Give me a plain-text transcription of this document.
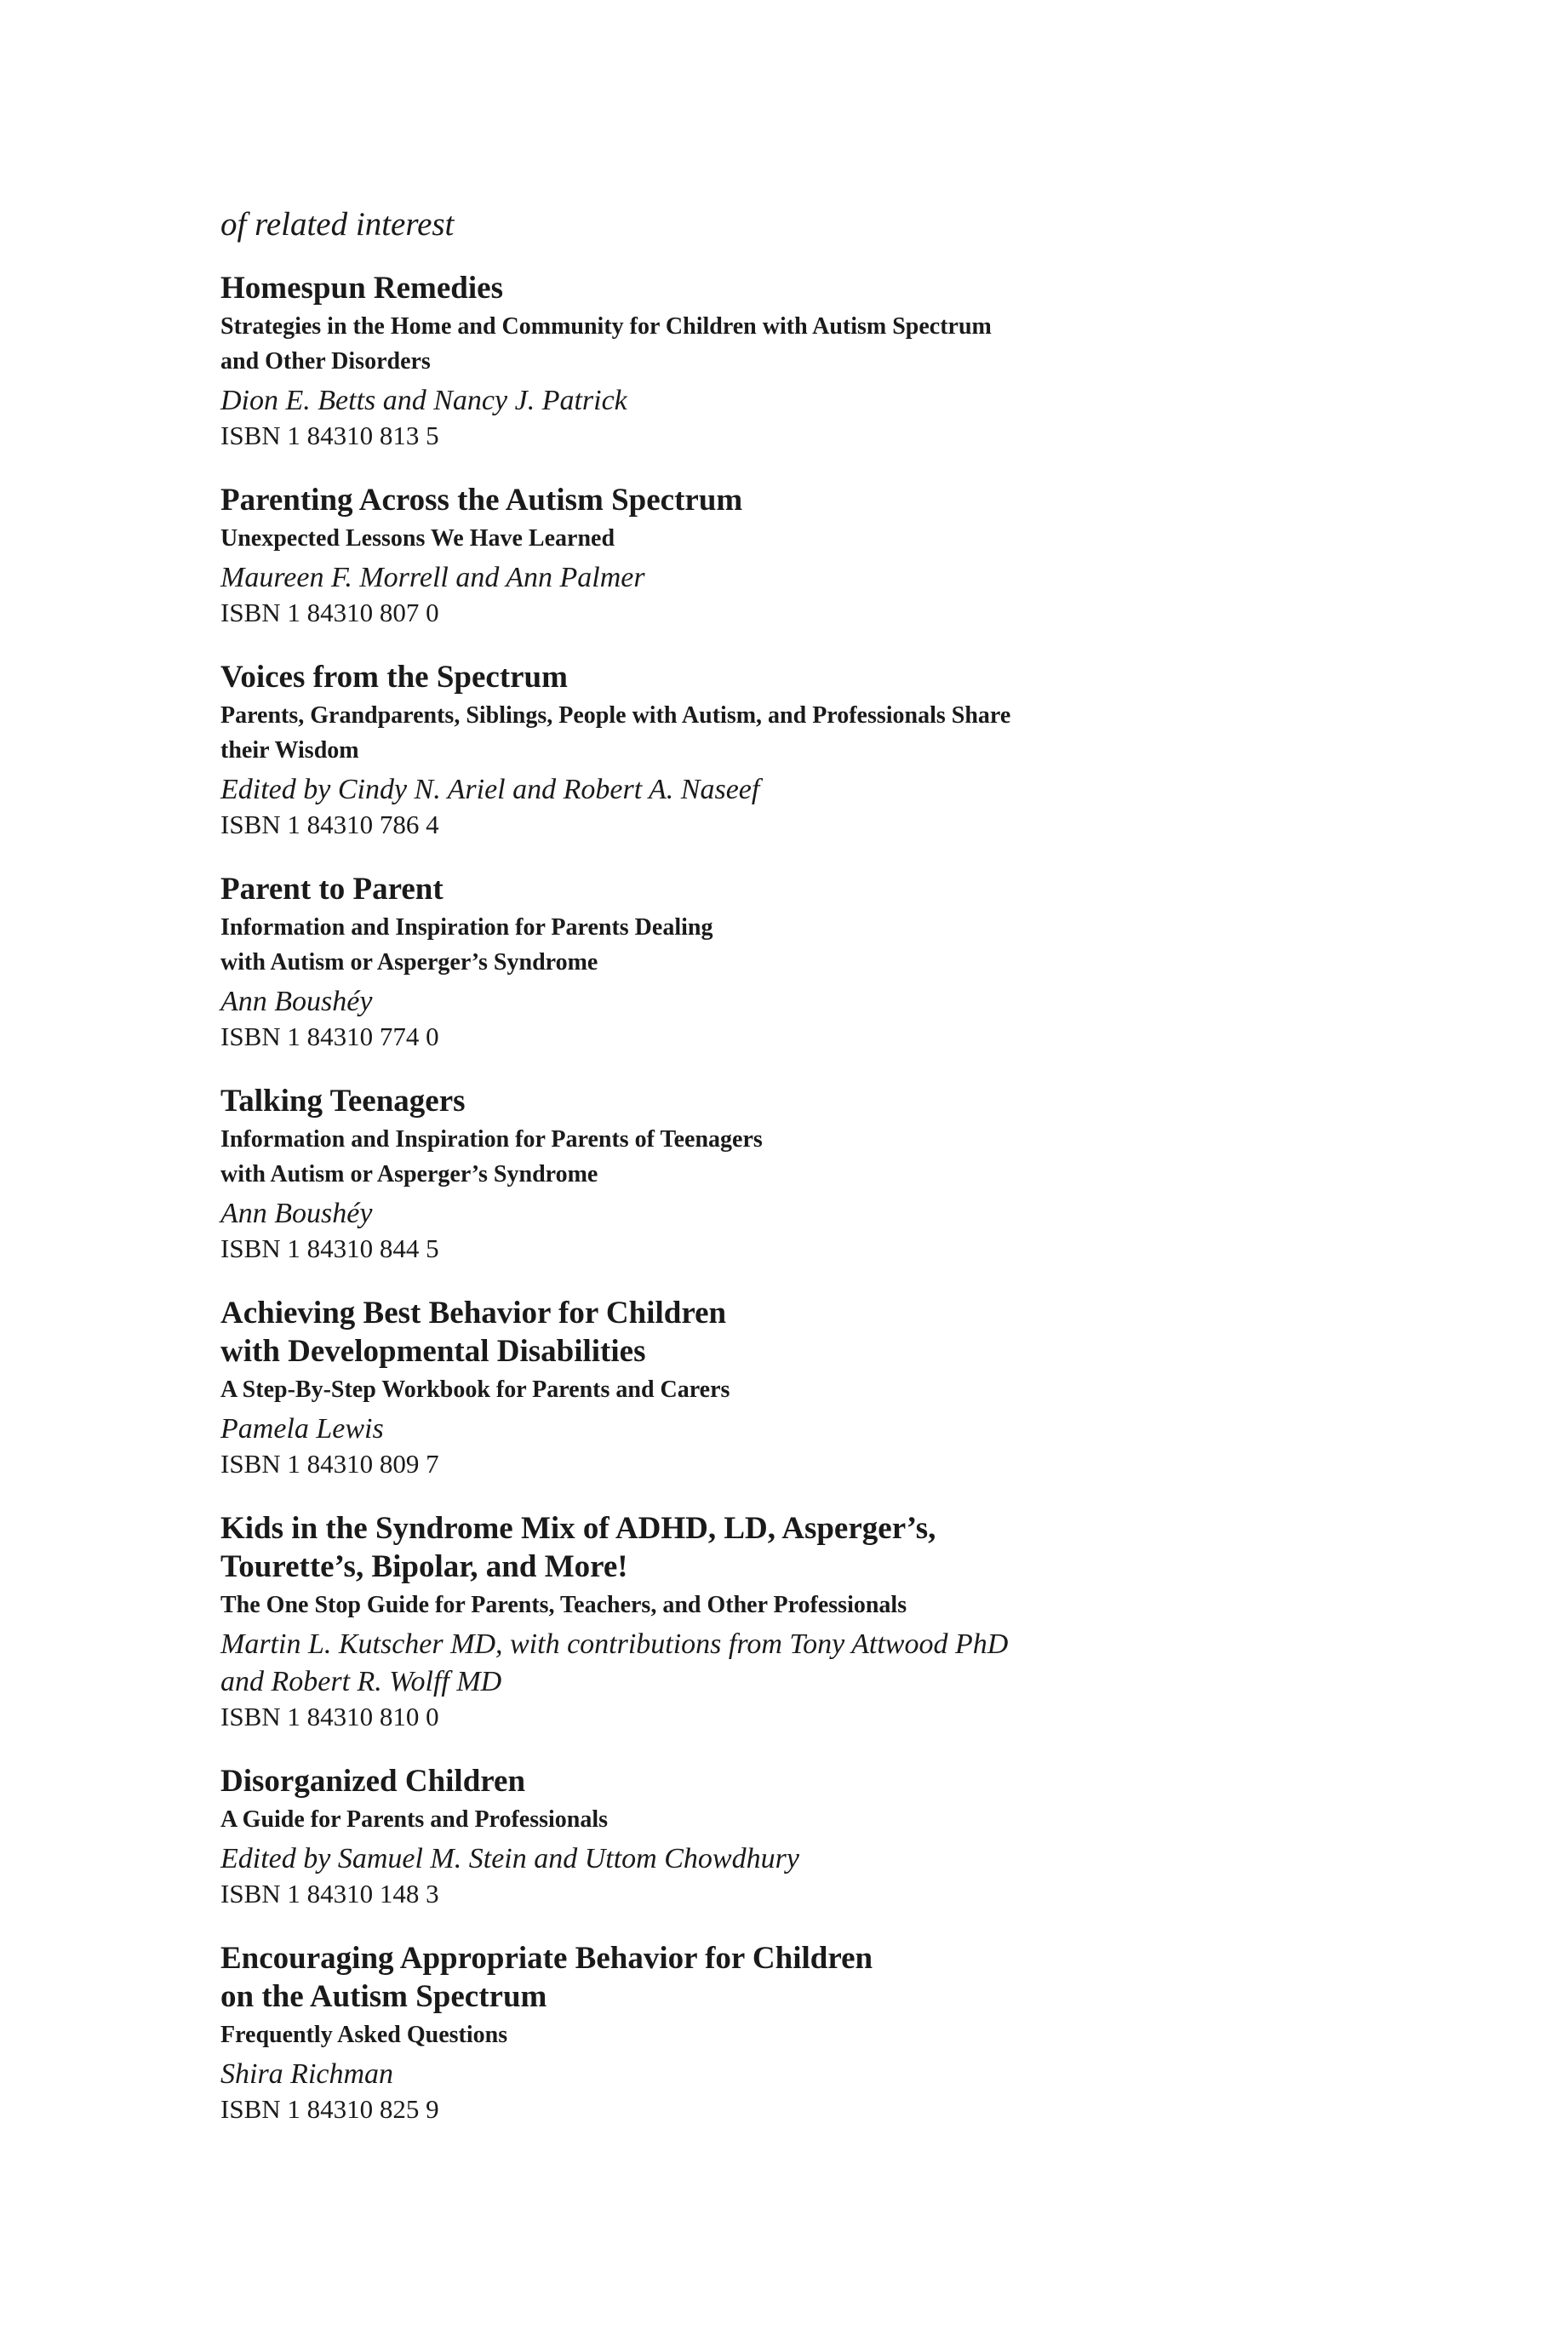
of related interest
Homespun Remedies
Strategies in the Home and Community for Children with Autism Spectrum
and Other Disorders
Dion E. Betts and Nancy J. Patrick
ISBN 1 84310 813 5
Parenting Across the Autism Spectrum
Unexpected Lessons We Have Learned
Maureen F. Morrell and Ann Palmer
ISBN 1 84310 807 0
Voices from the Spectrum
Parents, Grandparents, Siblings, People with Autism, and Professionals Share
their Wisdom
Edited by Cindy N. Ariel and Robert A. Naseef
ISBN 1 84310 786 4
Parent to Parent
Information and Inspiration for Parents Dealing
with Autism or Asperger’s Syndrome
Ann Boushéy
ISBN 1 84310 774 0
Talking Teenagers
Information and Inspiration for Parents of Teenagers
with Autism or Asperger’s Syndrome
Ann Boushéy
ISBN 1 84310 844 5
Achieving Best Behavior for Children
with Developmental Disabilities
A Step-By-Step Workbook for Parents and Carers
Pamela Lewis
ISBN 1 84310 809 7
Kids in the Syndrome Mix of ADHD, LD, Asperger’s,
Tourette’s, Bipolar, and More!
The One Stop Guide for Parents, Teachers, and Other Professionals
Martin L. Kutscher MD, with contributions from Tony Attwood PhD
and Robert R. Wolff MD
ISBN 1 84310 810 0
Disorganized Children
A Guide for Parents and Professionals
Edited by Samuel M. Stein and Uttom Chowdhury
ISBN 1 84310 148 3
Encouraging Appropriate Behavior for Children
on the Autism Spectrum
Frequently Asked Questions
Shira Richman
ISBN 1 84310 825 9
